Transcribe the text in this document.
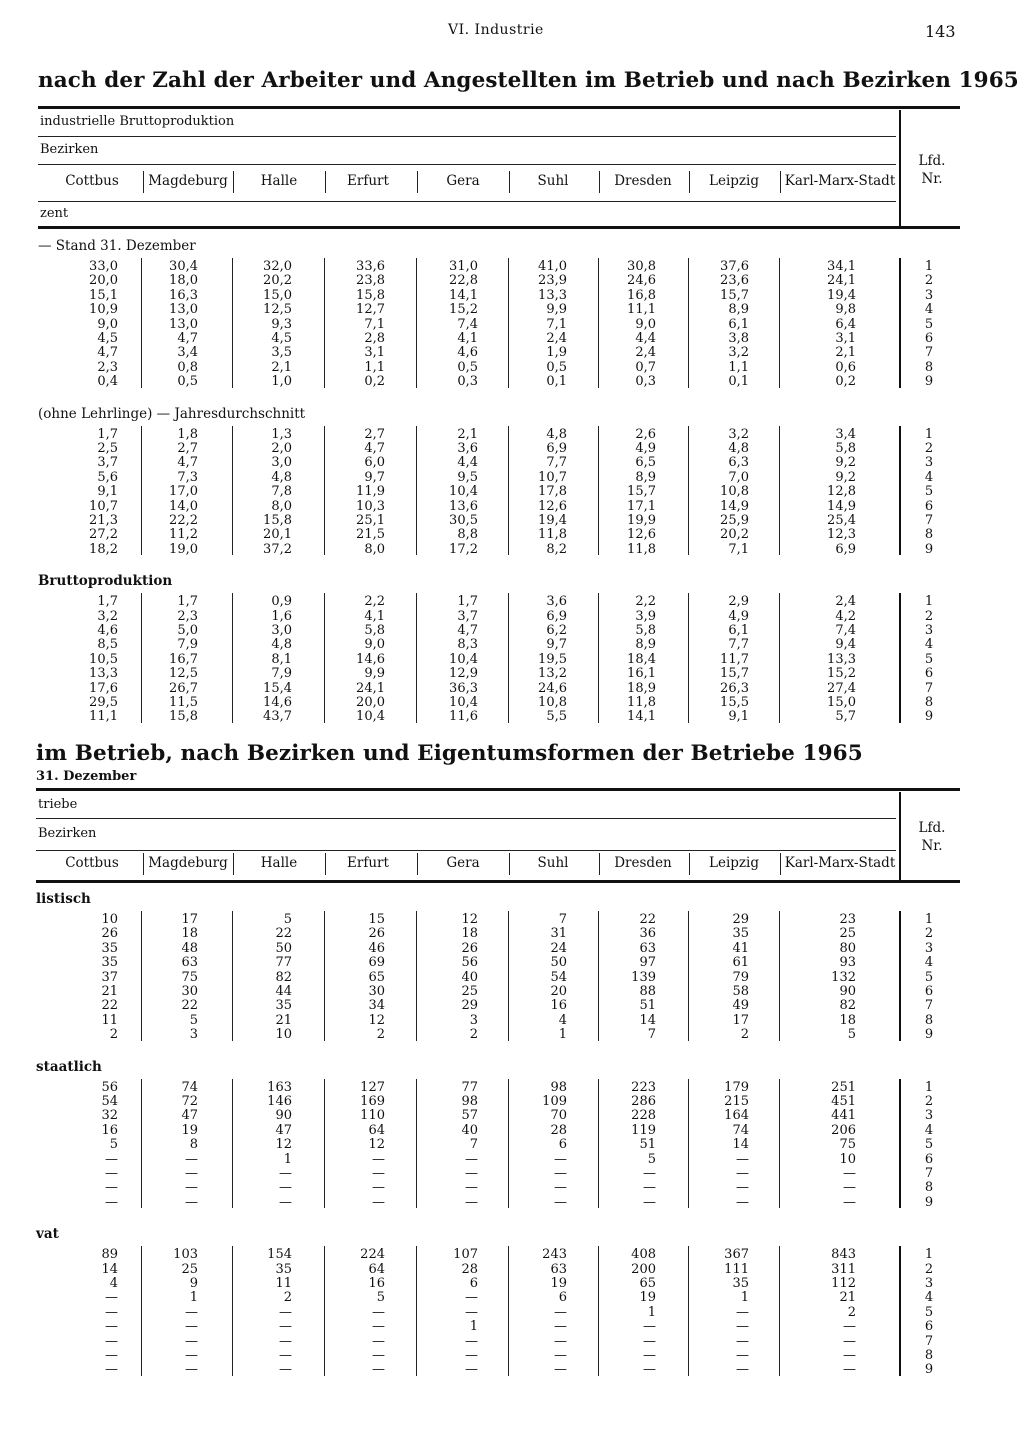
VI. Industrie	143
nach der Zahl der Arbeiter und Angestellten im Betrieb und nach Bezirken 1965
industrielle Bruttoproduktion
Bezirken
Cottbus	Magdeburg	Halle	Erfurt	Gera	Suhl	Dresden	Leipzig	Karl-Marx-Stadt
zent
Lfd.
Nr.
— Stand 31. Dezember
33,0	30,4	32,0	33,6	31,0	41,0	30,8	37,6	34,1	1
20,0	18,0	20,2	23,8	22,8	23,9	24,6	23,6	24,1	2
15,1	16,3	15,0	15,8	14,1	13,3	16,8	15,7	19,4	3
10,9	13,0	12,5	12,7	15,2	9,9	11,1	8,9	9,8	4
9,0	13,0	9,3	7,1	7,4	7,1	9,0	6,1	6,4	5
4,5	4,7	4,5	2,8	4,1	2,4	4,4	3,8	3,1	6
4,7	3,4	3,5	3,1	4,6	1,9	2,4	3,2	2,1	7
2,3	0,8	2,1	1,1	0,5	0,5	0,7	1,1	0,6	8
0,4	0,5	1,0	0,2	0,3	0,1	0,3	0,1	0,2	9
(ohne Lehrlinge) — Jahresdurchschnitt
1,7	1,8	1,3	2,7	2,1	4,8	2,6	3,2	3,4	1
2,5	2,7	2,0	4,7	3,6	6,9	4,9	4,8	5,8	2
3,7	4,7	3,0	6,0	4,4	7,7	6,5	6,3	9,2	3
5,6	7,3	4,8	9,7	9,5	10,7	8,9	7,0	9,2	4
9,1	17,0	7,8	11,9	10,4	17,8	15,7	10,8	12,8	5
10,7	14,0	8,0	10,3	13,6	12,6	17,1	14,9	14,9	6
21,3	22,2	15,8	25,1	30,5	19,4	19,9	25,9	25,4	7
27,2	11,2	20,1	21,5	8,8	11,8	12,6	20,2	12,3	8
18,2	19,0	37,2	8,0	17,2	8,2	11,8	7,1	6,9	9
Bruttoproduktion
1,7	1,7	0,9	2,2	1,7	3,6	2,2	2,9	2,4	1
3,2	2,3	1,6	4,1	3,7	6,9	3,9	4,9	4,2	2
4,6	5,0	3,0	5,8	4,7	6,2	5,8	6,1	7,4	3
8,5	7,9	4,8	9,0	8,3	9,7	8,9	7,7	9,4	4
10,5	16,7	8,1	14,6	10,4	19,5	18,4	11,7	13,3	5
13,3	12,5	7,9	9,9	12,9	13,2	16,1	15,7	15,2	6
17,6	26,7	15,4	24,1	36,3	24,6	18,9	26,3	27,4	7
29,5	11,5	14,6	20,0	10,4	10,8	11,8	15,5	15,0	8
11,1	15,8	43,7	10,4	11,6	5,5	14,1	9,1	5,7	9
im Betrieb, nach Bezirken und Eigentumsformen der Betriebe 1965
31. Dezember
triebe
Bezirken
Cottbus	Magdeburg	Halle	Erfurt	Gera	Suhl	Dresden	Leipzig	Karl-Marx-Stadt
Lfd.
Nr.
listisch
10	17	5	15	12	7	22	29	23	1
26	18	22	26	18	31	36	35	25	2
35	48	50	46	26	24	63	41	80	3
35	63	77	69	56	50	97	61	93	4
37	75	82	65	40	54	139	79	132	5
21	30	44	30	25	20	88	58	90	6
22	22	35	34	29	16	51	49	82	7
11	5	21	12	3	4	14	17	18	8
2	3	10	2	2	1	7	2	5	9
staatlich
56	74	163	127	77	98	223	179	251	1
54	72	146	169	98	109	286	215	451	2
32	47	90	110	57	70	228	164	441	3
16	19	47	64	40	28	119	74	206	4
5	8	12	12	7	6	51	14	75	5
—	—	1	—	—	—	5	—	10	6
—	—	—	—	—	—	—	—	—	7
—	—	—	—	—	—	—	—	—	8
—	—	—	—	—	—	—	—	—	9
vat
89	103	154	224	107	243	408	367	843	1
14	25	35	64	28	63	200	111	311	2
4	9	11	16	6	19	65	35	112	3
—	1	2	5	—	6	19	1	21	4
—	—	—	—	—	—	1	—	2	5
—	—	—	—	1	—	—	—	—	6
—	—	—	—	—	—	—	—	—	7
—	—	—	—	—	—	—	—	—	8
—	—	—	—	—	—	—	—	—	9
